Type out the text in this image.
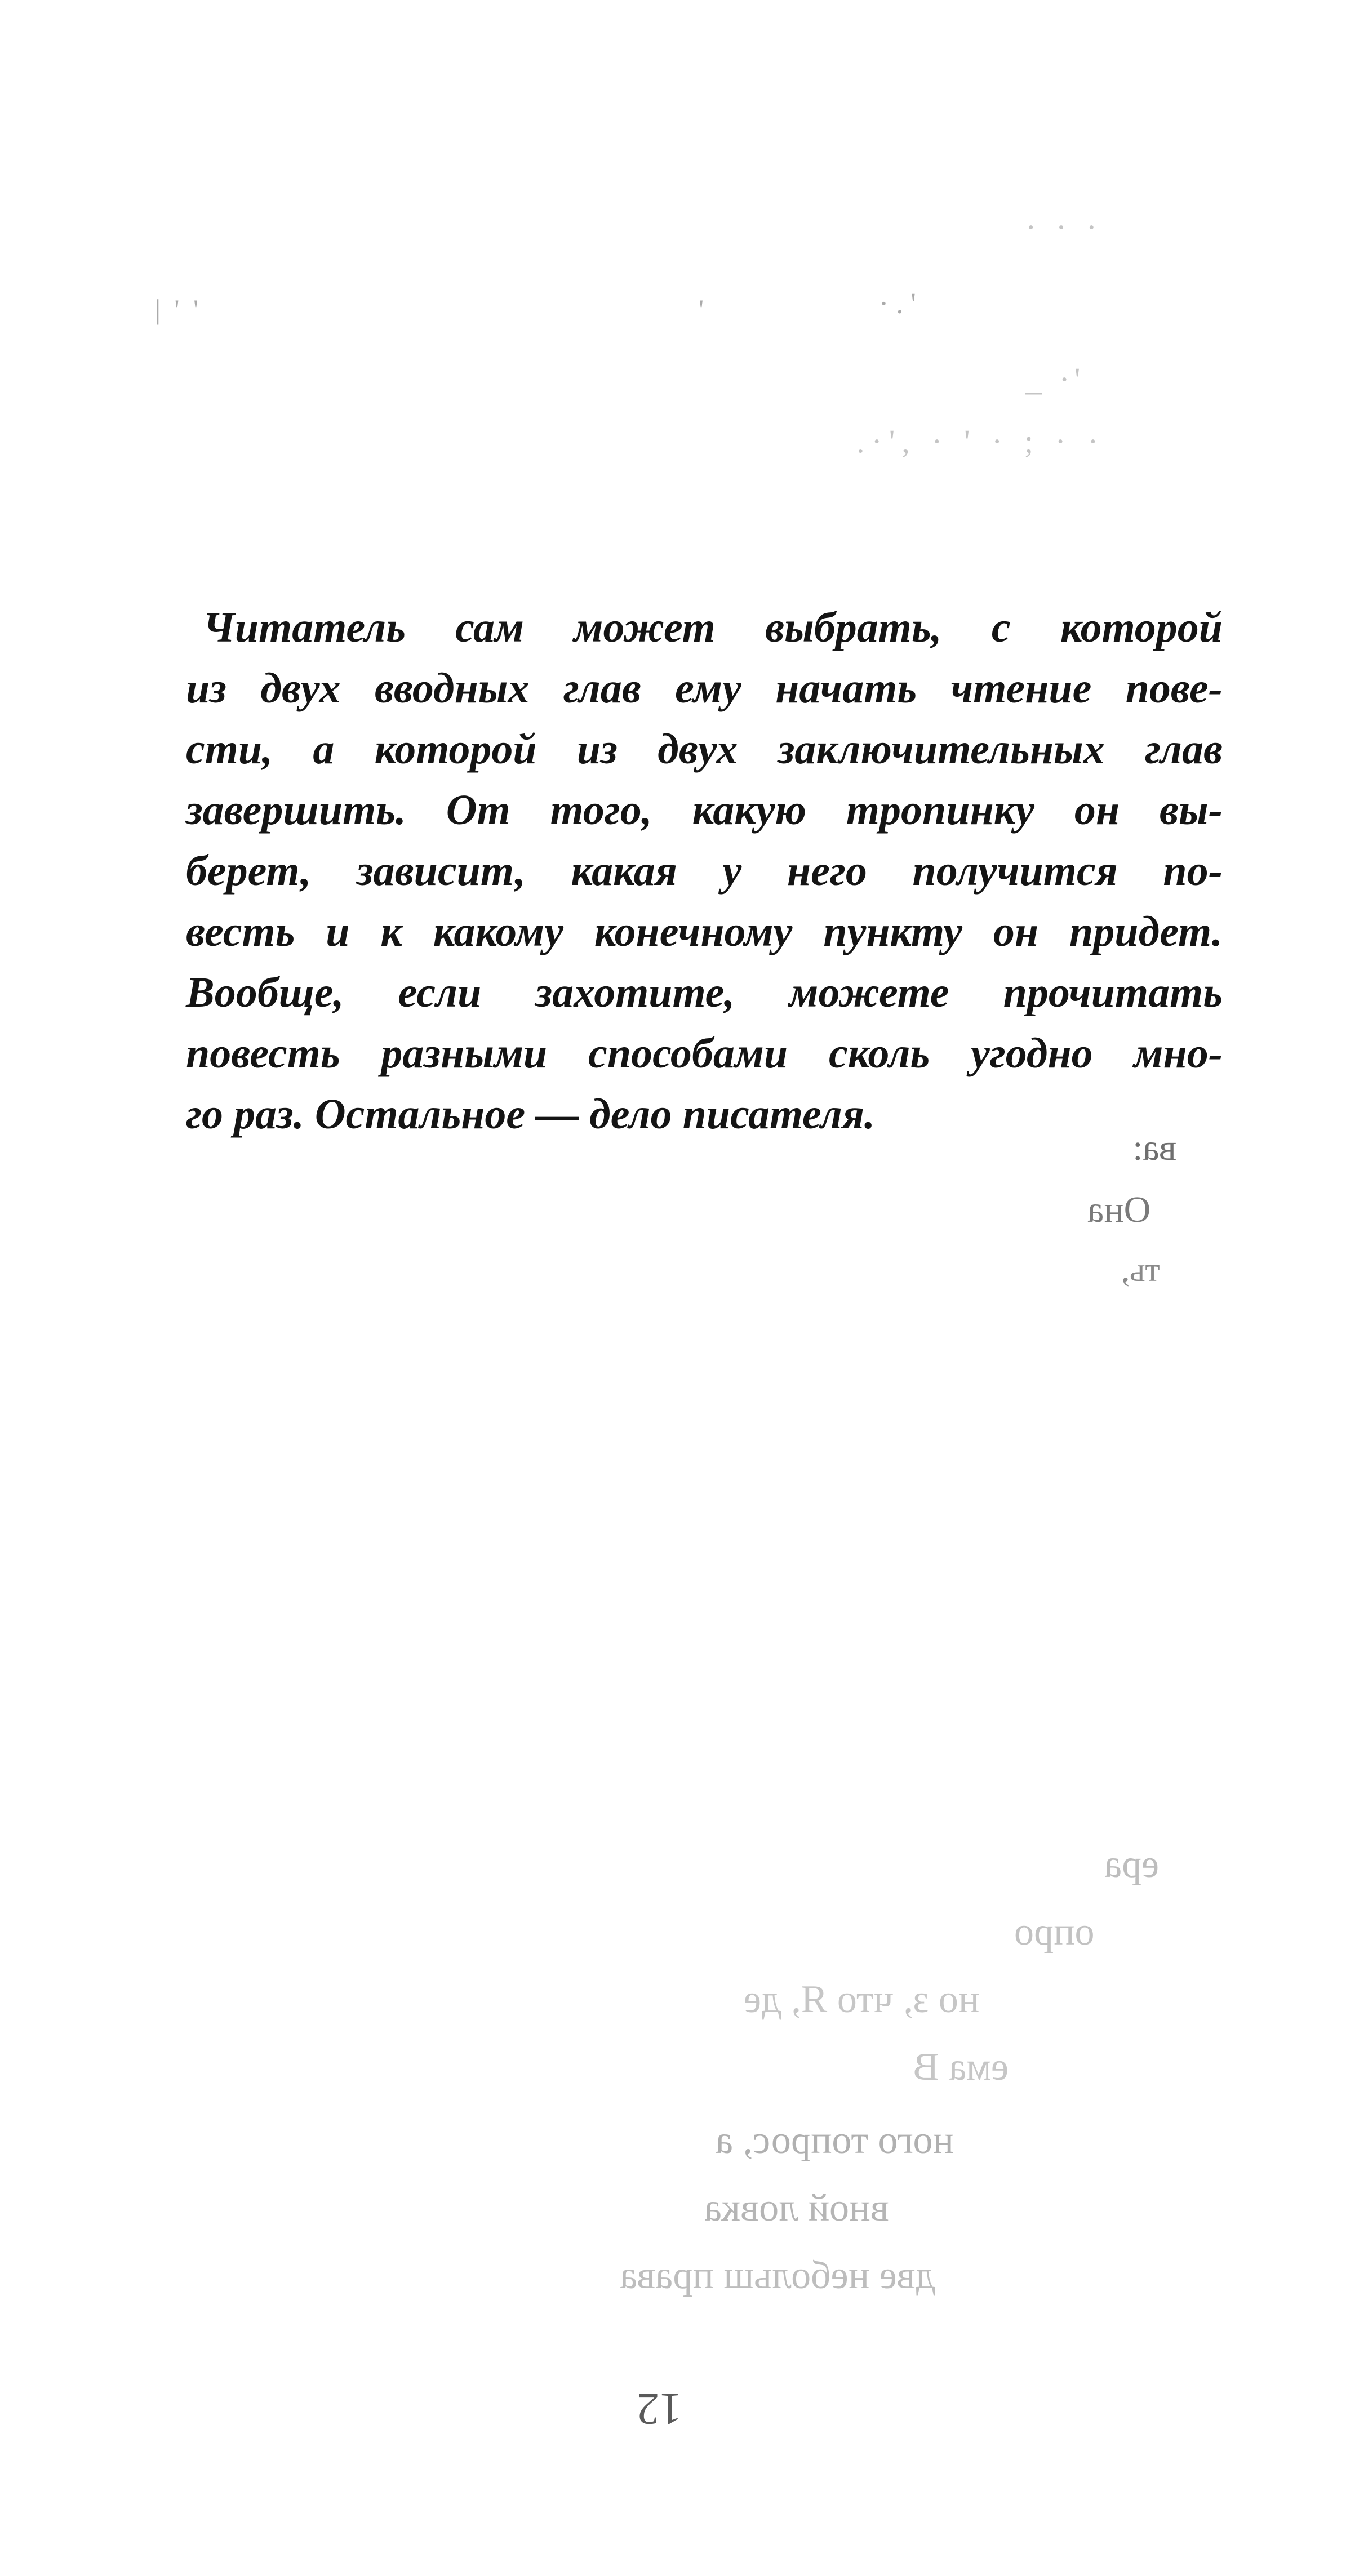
· · ·
| ' '	'	· . '
_ ·'
.·', · ' · ; · ·
Читатель сам может выбрать, с которой
из двух вводных глав ему начать чтение пове-
сти, а которой из двух заключительных глав
завершить. От того, какую тропинку он вы-
берет, зависит, какая у него получится по-
весть и к какому конечному пункту он придет.
Вообще, если захотите, можете прочитать
повесть разными способами сколь угодно мно-
го раз. Остальное — дело писателя.
ва:
Она
ть,
ера
опро
но з, что Я, де
ема В
ного топрос, а
вной ловка
две небольш права
12
